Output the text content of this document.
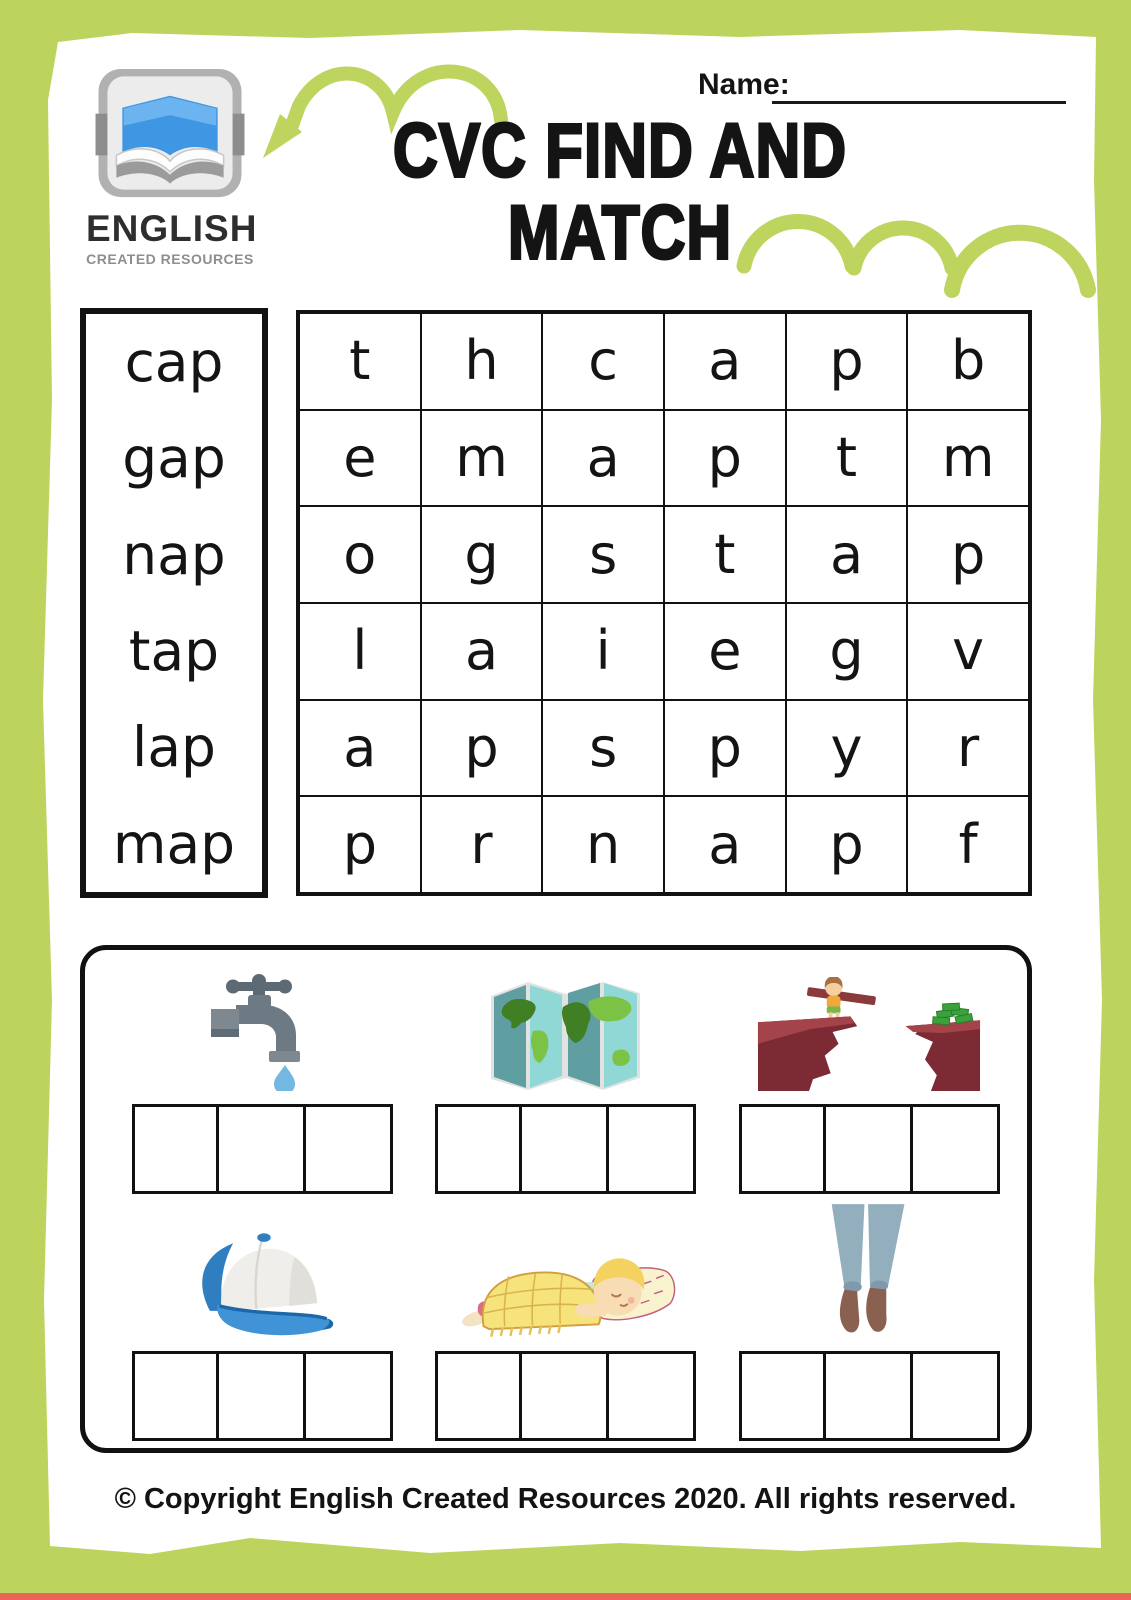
ENGLISH
CREATED RESOURCES
Name:
CVC FIND AND
MATCH
cap
gap
nap
tap
lap
map
t	h	c	a	p	b
e	m	a	p	t	m
o	g	s	t	a	p
l	a	i	e	g	v
a	p	s	p	y	r
p	r	n	a	p	f
© Copyright English Created Resources 2020. All rights reserved.
